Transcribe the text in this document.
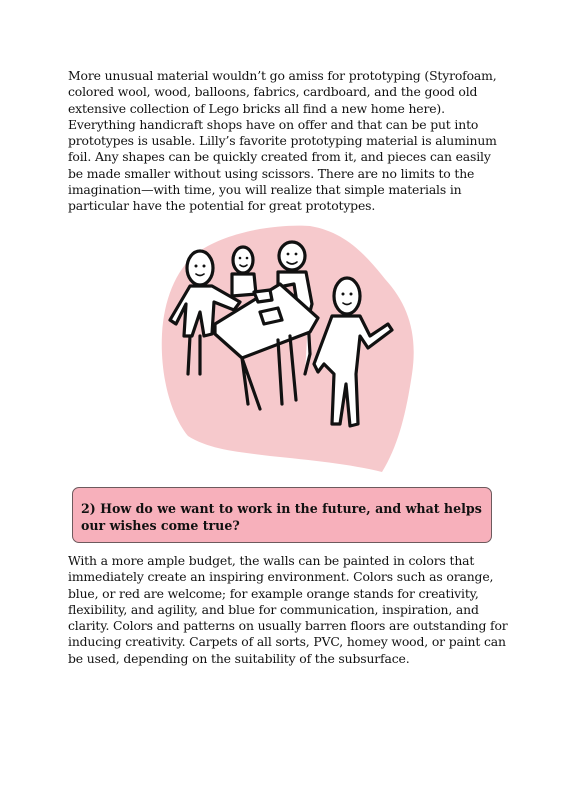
More unusual material wouldn’t go amiss for prototyping (Styrofoam, colored wool, wood, balloons, fabrics, cardboard, and the good old extensive collection of Lego bricks all find a new home here). Everything handicraft shops have on offer and that can be put into prototypes is usable. Lilly’s favorite prototyping material is aluminum foil. Any shapes can be quickly created from it, and pieces can easily be made smaller without using scissors. There are no limits to the imagination—with time, you will realize that simple materials in particular have the potential for great prototypes.

2) How do we want to work in the future, and what helps our wishes come true?

With a more ample budget, the walls can be painted in colors that immediately create an inspiring environment. Colors such as orange, blue, or red are welcome; for example orange stands for creativity, flexibility, and agility, and blue for communication, inspiration, and clarity. Colors and patterns on usually barren floors are outstanding for inducing creativity. Carpets of all sorts, PVC, homey wood, or paint can be used, depending on the suitability of the subsurface.
